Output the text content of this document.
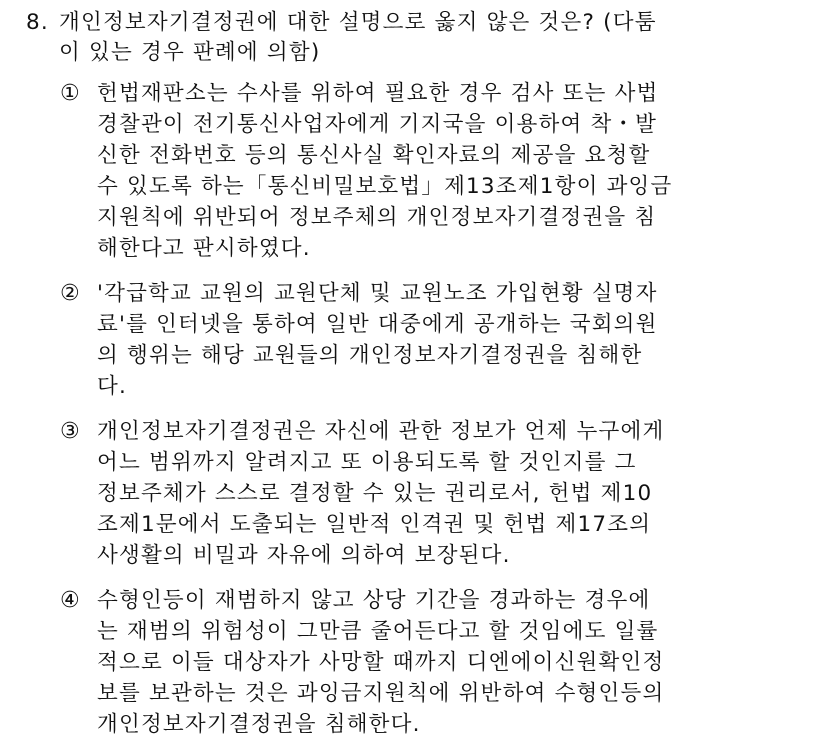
8. 개인정보자기결정권에 대한 설명으로 옳지 않은 것은? (다툼
이 있는 경우 판례에 의함)
① 헌법재판소는 수사를 위하여 필요한 경우 검사 또는 사법
경찰관이 전기통신사업자에게 기지국을 이용하여 착・발
신한 전화번호 등의 통신사실 확인자료의 제공을 요청할
수 있도록 하는「통신비밀보호법」제13조제1항이 과잉금
지원칙에 위반되어 정보주체의 개인정보자기결정권을 침
해한다고 판시하였다.
② '각급학교 교원의 교원단체 및 교원노조 가입현황 실명자
료'를 인터넷을 통하여 일반 대중에게 공개하는 국회의원
의 행위는 해당 교원들의 개인정보자기결정권을 침해한
다.
③ 개인정보자기결정권은 자신에 관한 정보가 언제 누구에게
어느 범위까지 알려지고 또 이용되도록 할 것인지를 그
정보주체가 스스로 결정할 수 있는 권리로서, 헌법 제10
조제1문에서 도출되는 일반적 인격권 및 헌법 제17조의
사생활의 비밀과 자유에 의하여 보장된다.
④ 수형인등이 재범하지 않고 상당 기간을 경과하는 경우에
는 재범의 위험성이 그만큼 줄어든다고 할 것임에도 일률
적으로 이들 대상자가 사망할 때까지 디엔에이신원확인정
보를 보관하는 것은 과잉금지원칙에 위반하여 수형인등의
개인정보자기결정권을 침해한다.
